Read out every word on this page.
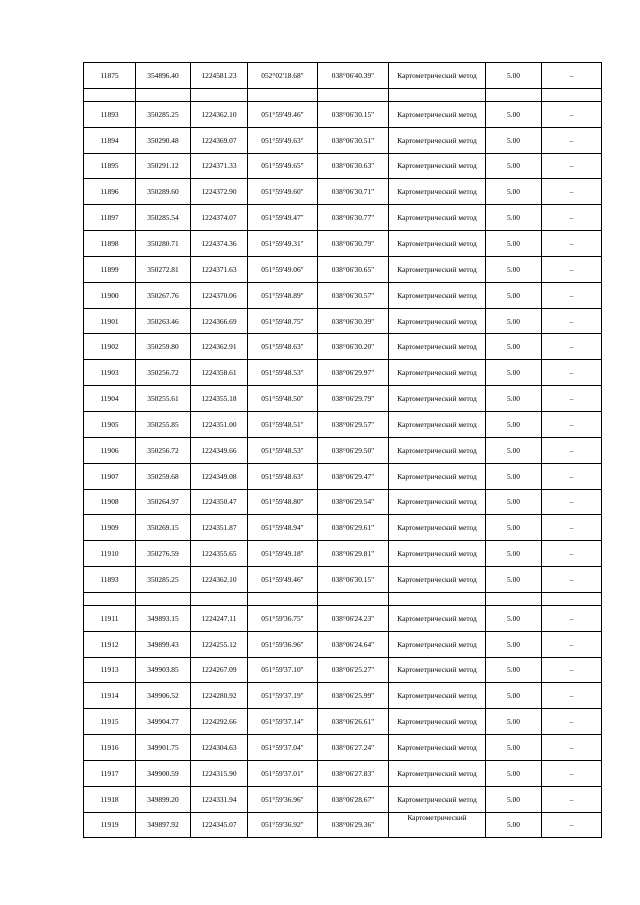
11875	354896.40	1224581.23	052°02'18.68"	038°06'40.39"	Картометрический метод	5.00	–

11893	350285.25	1224362.10	051°59'49.46"	038°06'30.15"	Картометрический метод	5.00	–
11894	350290.48	1224369.07	051°59'49.63"	038°06'30.51"	Картометрический метод	5.00	–
11895	350291.12	1224371.33	051°59'49.65"	038°06'30.63"	Картометрический метод	5.00	–
11896	350289.60	1224372.90	051°59'49.60"	038°06'30.71"	Картометрический метод	5.00	–
11897	350285.54	1224374.07	051°59'49.47"	038°06'30.77"	Картометрический метод	5.00	–
11898	350280.71	1224374.36	051°59'49.31"	038°06'30.79"	Картометрический метод	5.00	–
11899	350272.81	1224371.63	051°59'49.06"	038°06'30.65"	Картометрический метод	5.00	–
11900	350267.76	1224370.06	051°59'48.89"	038°06'30.57"	Картометрический метод	5.00	–
11901	350263.46	1224366.69	051°59'48.75"	038°06'30.39"	Картометрический метод	5.00	–
11902	350259.80	1224362.91	051°59'48.63"	038°06'30.20"	Картометрический метод	5.00	–
11903	350256.72	1224358.61	051°59'48.53"	038°06'29.97"	Картометрический метод	5.00	–
11904	350255.61	1224355.18	051°59'48.50"	038°06'29.79"	Картометрический метод	5.00	–
11905	350255.85	1224351.00	051°59'48.51"	038°06'29.57"	Картометрический метод	5.00	–
11906	350256.72	1224349.66	051°59'48.53"	038°06'29.50"	Картометрический метод	5.00	–
11907	350259.68	1224349.08	051°59'48.63"	038°06'29.47"	Картометрический метод	5.00	–
11908	350264.97	1224350.47	051°59'48.80"	038°06'29.54"	Картометрический метод	5.00	–
11909	350269.15	1224351.87	051°59'48.94"	038°06'29.61"	Картометрический метод	5.00	–
11910	350276.59	1224355.65	051°59'49.18"	038°06'29.81"	Картометрический метод	5.00	–
11893	350285.25	1224362.10	051°59'49.46"	038°06'30.15"	Картометрический метод	5.00	–

11911	349893.15	1224247.11	051°59'36.75"	038°06'24.23"	Картометрический метод	5.00	–
11912	349899.43	1224255.12	051°59'36.96"	038°06'24.64"	Картометрический метод	5.00	–
11913	349903.85	1224267.09	051°59'37.10"	038°06'25.27"	Картометрический метод	5.00	–
11914	349906.52	1224280.92	051°59'37.19"	038°06'25.99"	Картометрический метод	5.00	–
11915	349904.77	1224292.66	051°59'37.14"	038°06'26.61"	Картометрический метод	5.00	–
11916	349901.75	1224304.63	051°59'37.04"	038°06'27.24"	Картометрический метод	5.00	–
11917	349900.59	1224315.90	051°59'37.01"	038°06'27.83"	Картометрический метод	5.00	–
11918	349899.20	1224331.94	051°59'36.96"	038°06'28.67"	Картометрический метод	5.00	–
11919	349897.92	1224345.07	051°59'36.92"	038°06'29.36"	Картометрический	5.00	–
